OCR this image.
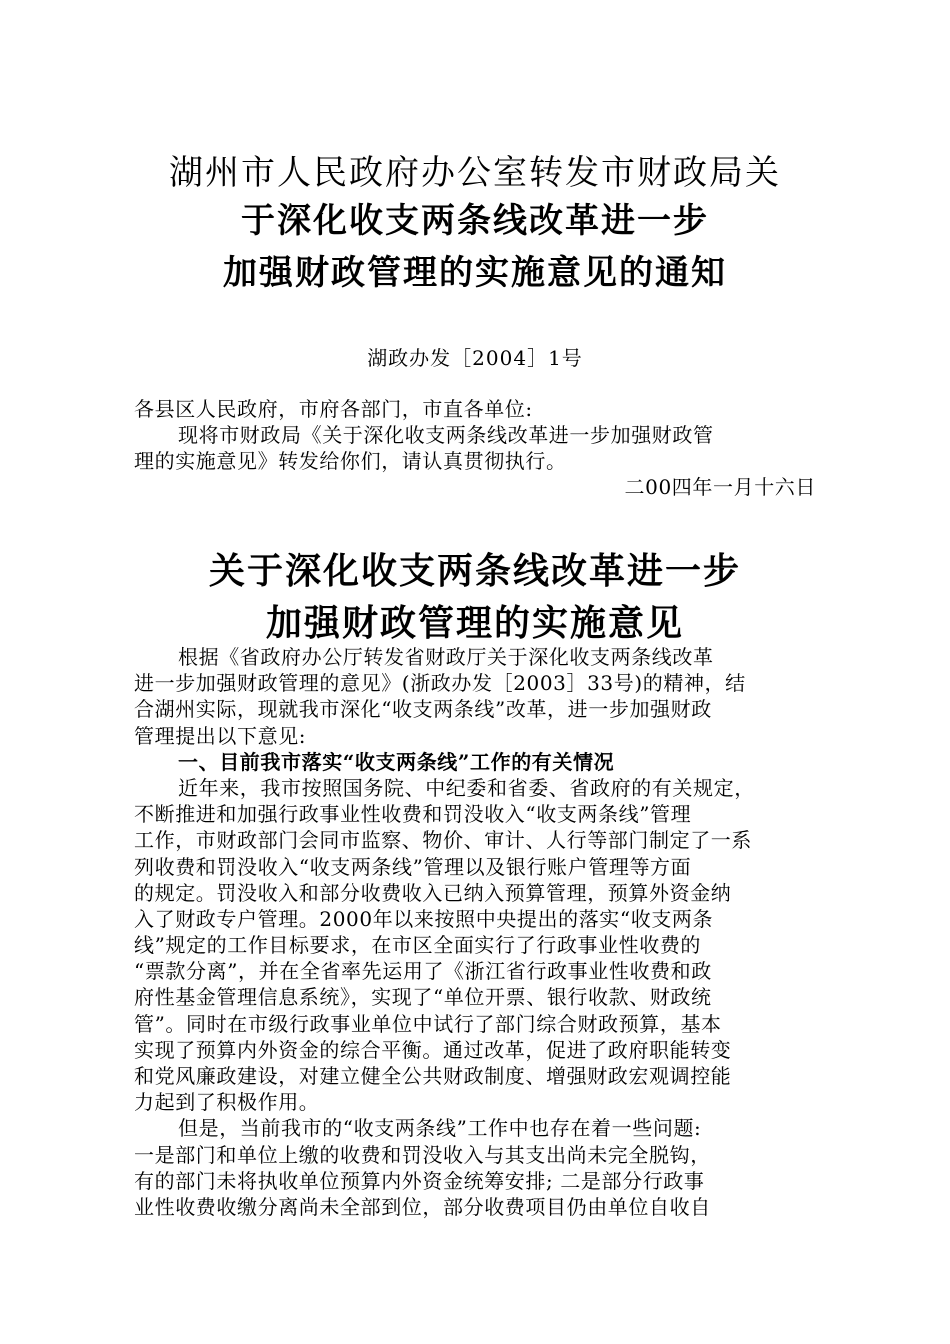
湖州市人民政府办公室转发市财政局关
于深化收支两条线改革进一步
加强财政管理的实施意见的通知
湖政办发［2004］1号
各县区人民政府，市府各部门，市直各单位:
现将市财政局《关于深化收支两条线改革进一步加强财政管
理的实施意见》转发给你们，请认真贯彻执行。
二00四年一月十六日
关于深化收支两条线改革进一步
加强财政管理的实施意见
根据《省政府办公厅转发省财政厅关于深化收支两条线改革
进一步加强财政管理的意见》(浙政办发［2003］33号)的精神，结
合湖州实际，现就我市深化“收支两条线”改革，进一步加强财政
管理提出以下意见:
一、目前我市落实“收支两条线”工作的有关情况
近年来，我市按照国务院、中纪委和省委、省政府的有关规定，
不断推进和加强行政事业性收费和罚没收入“收支两条线”管理
工作，市财政部门会同市监察、物价、审计、人行等部门制定了一系
列收费和罚没收入“收支两条线”管理以及银行账户管理等方面
的规定。罚没收入和部分收费收入已纳入预算管理，预算外资金纳
入了财政专户管理。2000年以来按照中央提出的落实“收支两条
线”规定的工作目标要求，在市区全面实行了行政事业性收费的
“票款分离”，并在全省率先运用了《浙江省行政事业性收费和政
府性基金管理信息系统》，实现了“单位开票、银行收款、财政统
管”。同时在市级行政事业单位中试行了部门综合财政预算，基本
实现了预算内外资金的综合平衡。通过改革，促进了政府职能转变
和党风廉政建设，对建立健全公共财政制度、增强财政宏观调控能
力起到了积极作用。
但是，当前我市的“收支两条线”工作中也存在着一些问题:
一是部门和单位上缴的收费和罚没收入与其支出尚未完全脱钩，
有的部门未将执收单位预算内外资金统筹安排; 二是部分行政事
业性收费收缴分离尚未全部到位，部分收费项目仍由单位自收自
